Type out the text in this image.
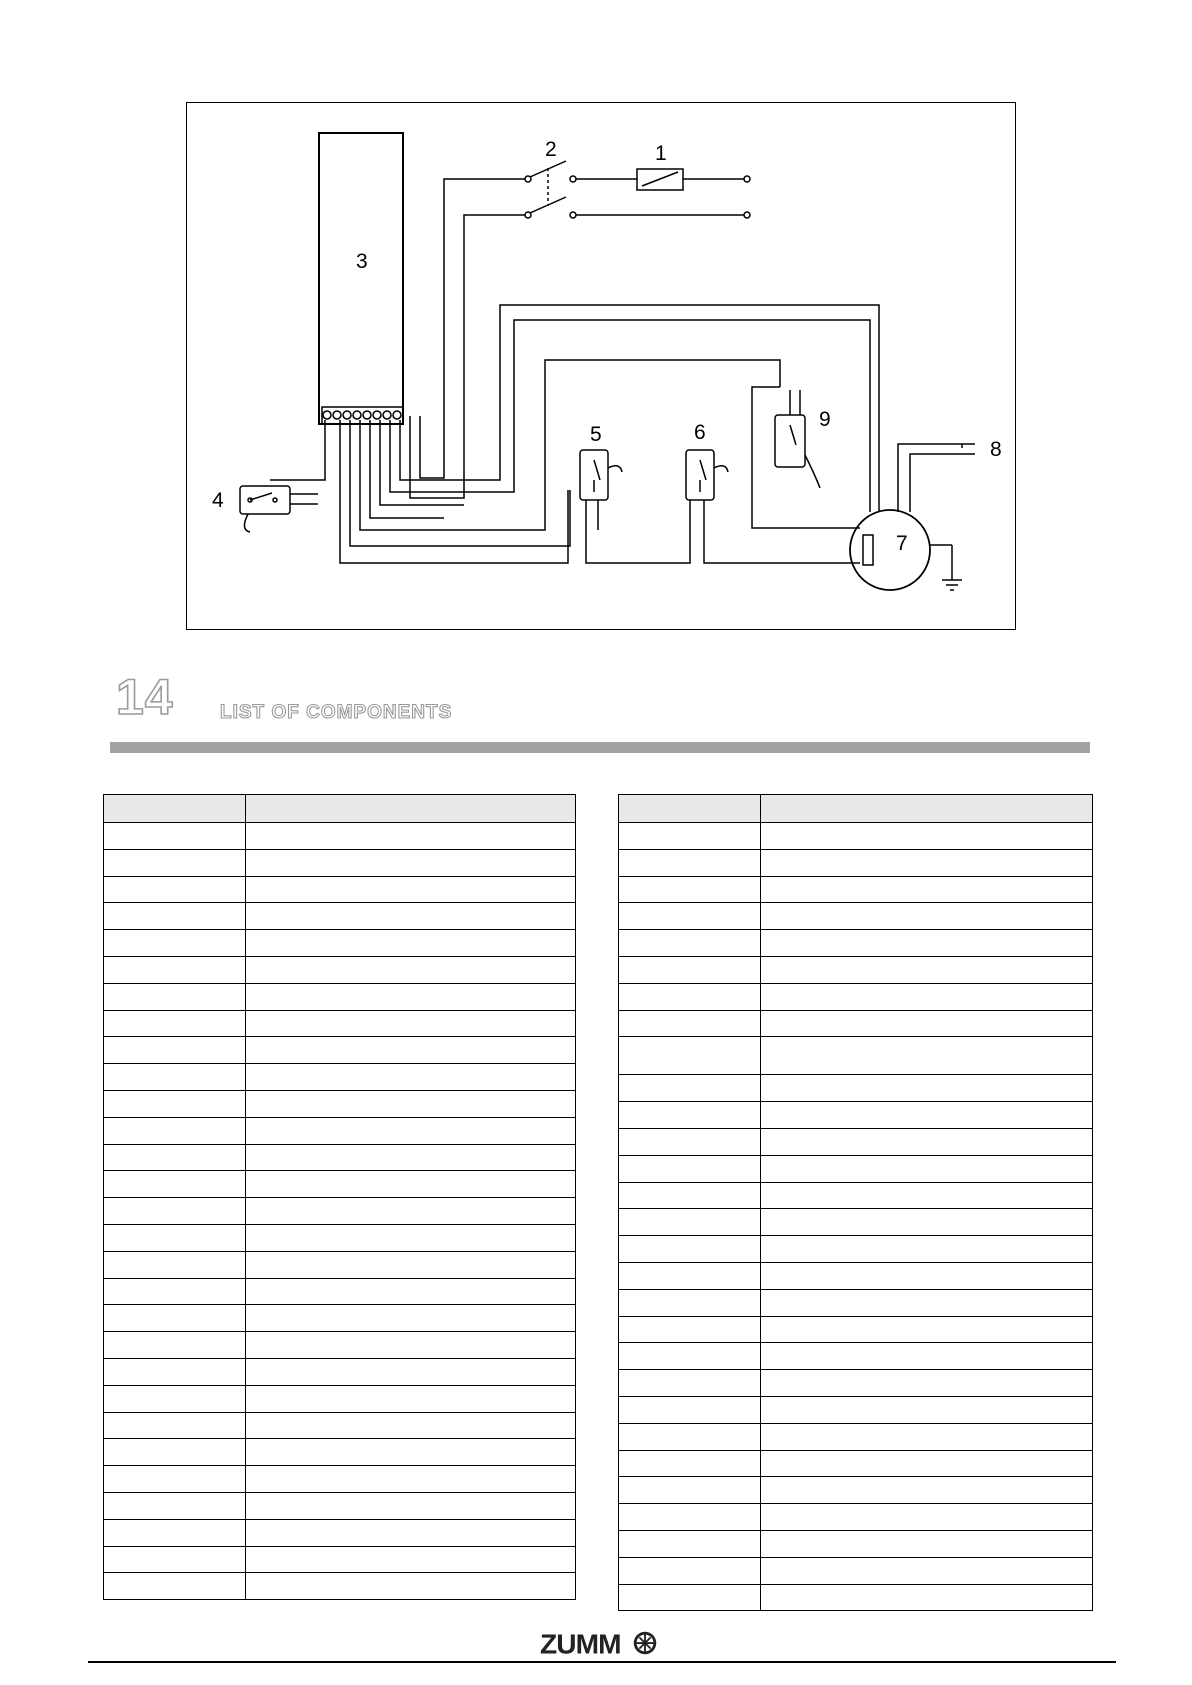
1
2
3
4
5	6
7
8
9
14 LIST OF COMPONENTS

ZUMM
